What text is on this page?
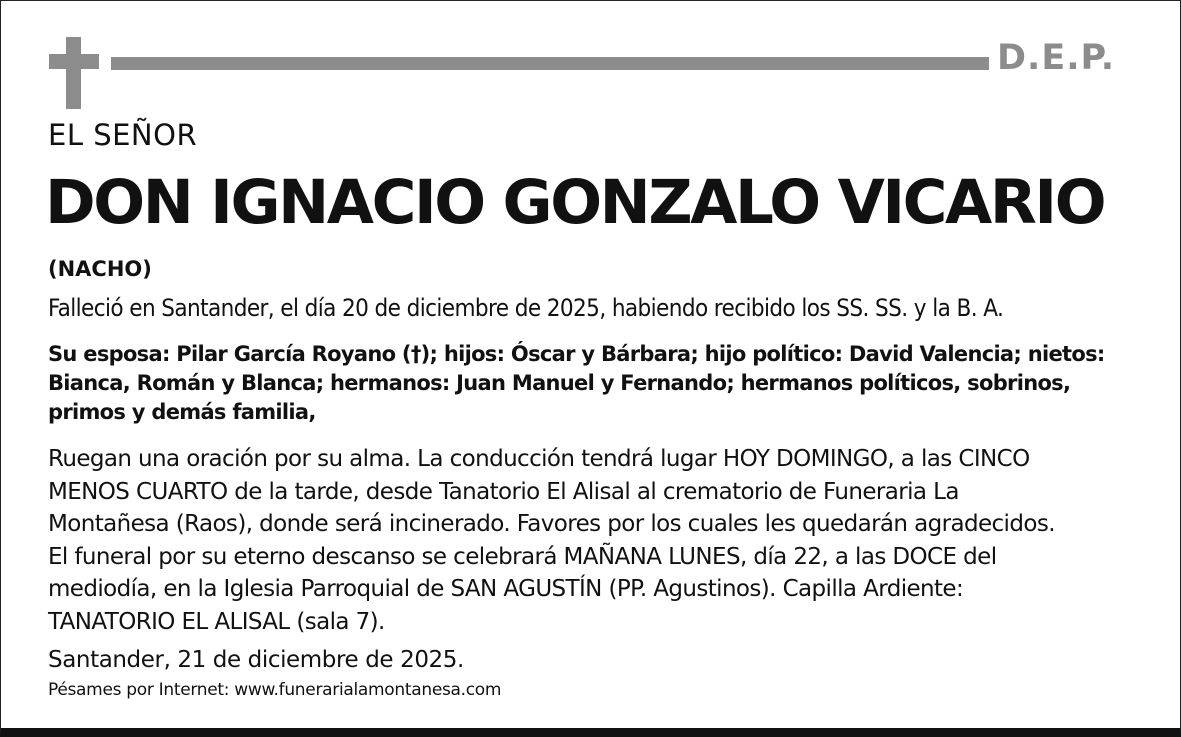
D.E.P.
EL SEÑOR
DON IGNACIO GONZALO VICARIO
(NACHO)
Falleció en Santander, el día 20 de diciembre de 2025, habiendo recibido los SS. SS. y la B. A.
Su esposa: Pilar García Royano (†); hijos: Óscar y Bárbara; hijo político: David Valencia; nietos:
Bianca, Román y Blanca; hermanos: Juan Manuel y Fernando; hermanos políticos, sobrinos,
primos y demás familia,
Ruegan una oración por su alma. La conducción tendrá lugar HOY DOMINGO, a las CINCO
MENOS CUARTO de la tarde, desde Tanatorio El Alisal al crematorio de Funeraria La
Montañesa (Raos), donde será incinerado. Favores por los cuales les quedarán agradecidos.
El funeral por su eterno descanso se celebrará MAÑANA LUNES, día 22, a las DOCE del
mediodía, en la Iglesia Parroquial de SAN AGUSTÍN (PP. Agustinos). Capilla Ardiente:
TANATORIO EL ALISAL (sala 7).
Santander, 21 de diciembre de 2025.
Pésames por Internet: www.funerarialamontanesa.com
